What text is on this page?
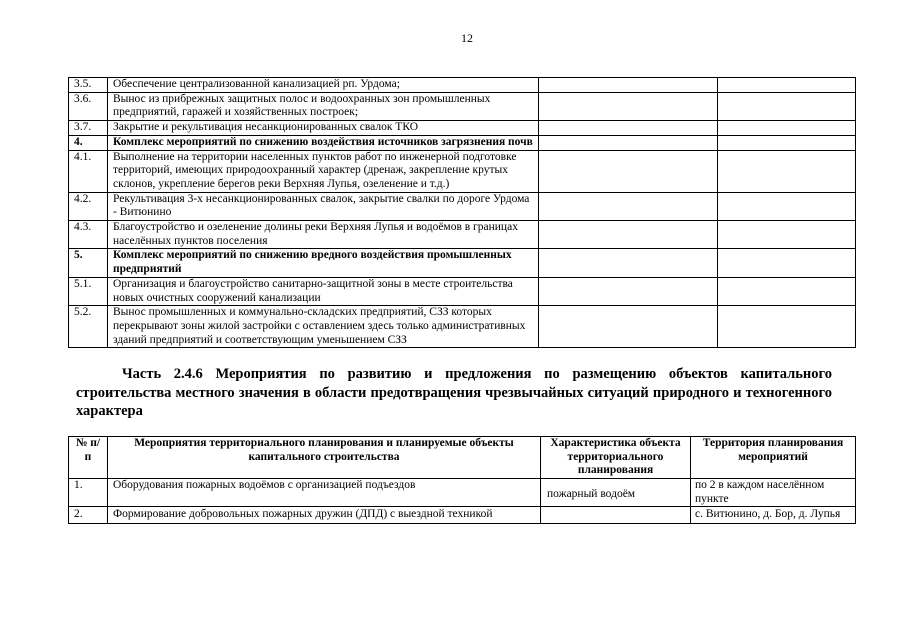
12
3.5.	Обеспечение централизованной канализацией рп. Урдома;		
3.6.	Вынос из прибрежных защитных полос и водоохранных зон промышленных предприятий, гаражей и хозяйственных построек;		
3.7.	Закрытие и рекультивация несанкционированных свалок ТКО		
4.	Комплекс мероприятий по снижению воздействия источников загрязнения почв		
4.1.	Выполнение на территории населенных пунктов работ по инженерной подготовке территорий, имеющих природоохранный характер (дренаж, закрепление крутых склонов, укрепление берегов реки Верхняя Лупья, озеленение и т.д.)		
4.2.	Рекультивация 3-х несанкционированных свалок, закрытие свалки по дороге Урдома - Витюнино		
4.3.	Благоустройство и озеленение долины реки Верхняя Лупья и водоёмов в границах населённых пунктов поселения		
5.	Комплекс мероприятий по снижению вредного воздействия промышленных предприятий		
5.1.	Организация и благоустройство санитарно-защитной зоны в месте строительства новых очистных сооружений канализации		
5.2.	Вынос промышленных и коммунально-складских предприятий, СЗЗ которых перекрывают зоны жилой застройки с оставлением здесь только административных зданий предприятий и соответствующим уменьшением СЗЗ		
Часть 2.4.6 Мероприятия по развитию и предложения по размещению объектов капитального
строительства местного значения в области предотвращения чрезвычайных ситуаций природного и техногенного
характера
№ п/п	Мероприятия территориального планирования и планируемые объекты капитального строительства	Характеристика объекта территориального планирования	Территория планирования мероприятий
1.	Оборудования пожарных водоёмов с организацией подъездов	пожарный водоём	по 2 в каждом населённом пункте
2.	Формирование добровольных пожарных дружин (ДПД) с выездной техникой		с. Витюнино, д. Бор, д. Лупья
